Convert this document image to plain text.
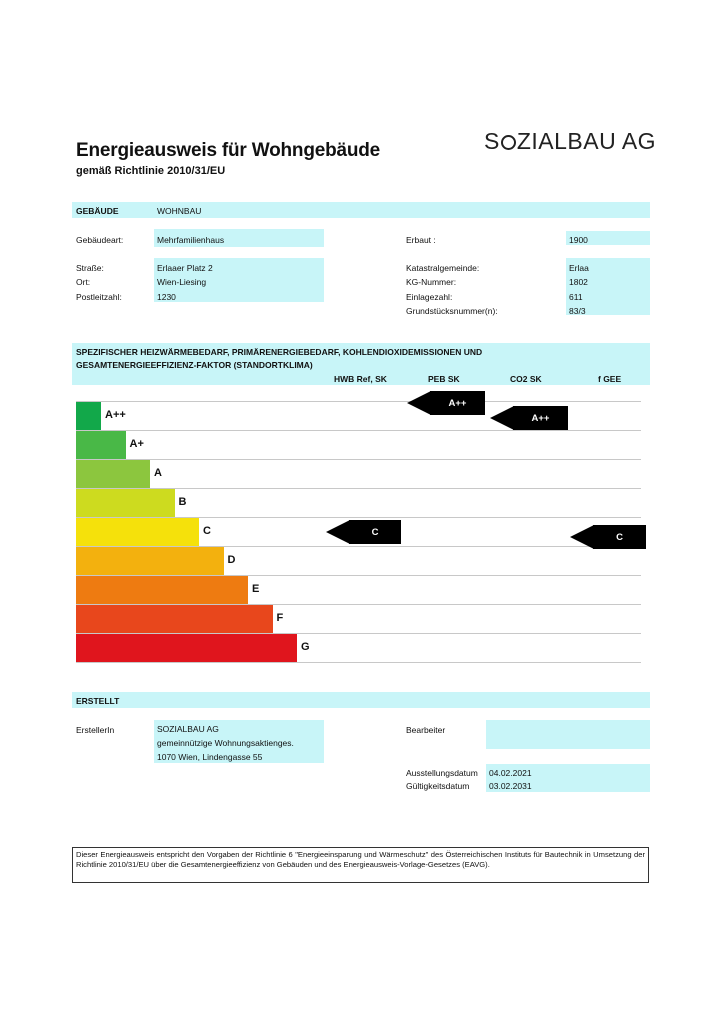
Energieausweis für Wohngebäude
gemäß Richtlinie 2010/31/EU
S ZIALBAU AG
GEBÄUDE	WOHNBAU
Gebäudeart:	Mehrfamilienhaus	Erbaut :	1900
Straße:	Erlaaer Platz 2
Ort:	Wien-Liesing
Postleitzahl:	1230
Katastralgemeinde:	Erlaa
KG-Nummer:	1802
Einlagezahl:	611
Grundstücksnummer(n):	83/3
SPEZIFISCHER HEIZWÄRMEBEDARF, PRIMÄRENERGIEBEDARF, KOHLENDIOXIDEMISSIONEN UND
GESAMTENERGIEEFFIZIENZ-FAKTOR (STANDORTKLIMA)
HWB Ref, SK	PEB SK	CO2 SK	f GEE
A++
A+
A
B
C
D
E
F
G
A++
A++
C	C
ERSTELLT
ErstellerIn	SOZIALBAU AG
gemeinnützige Wohnungsaktienges.
1070 Wien, Lindengasse 55
Bearbeiter
Ausstellungsdatum 04.02.2021
Gültigkeitsdatum 03.02.2031
Dieser Energieausweis entspricht den Vorgaben der Richtlinie 6 "Energieeinsparung und Wärmeschutz" des Österreichischen Instituts für Bautechnik in Umsetzung der Richtlinie 2010/31/EU über die Gesamtenergieeffizienz von Gebäuden und des Energieausweis-Vorlage-Gesetzes (EAVG).
